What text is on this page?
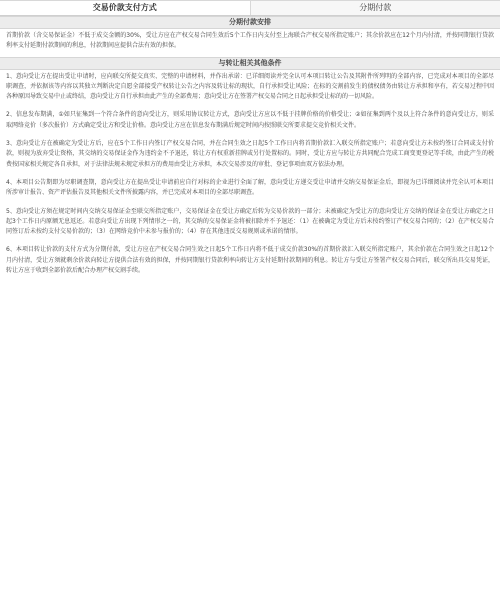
交易价款支付方式	分期付款
分期付款安排
首期价款（含交易保证金）不低于成交金额的30%，受让方应在产权交易合同生效后5个工作日内支付至上海联合产权交易所指定账户；其余价款应在12个月内付清，并按同期银行贷款利率支付延期付款期间的利息，付款期间应提供合法有效的担保。
与转让相关其他条件
1、意向受让方在提出受让申请时，应向联交所提交真实、完整的申请材料，并作出承诺：已详细阅读并完全认可本项目转让公告及其附件所列明的全部内容，已完成对本项目的全部尽职调查，并依据该等内容以其独立判断决定自愿全部接受产权转让公告之内容及转让标的现状，自行承担受让风险；在标的交割前发生的债权债务由转让方承担和享有，若交易过程中因各种原因导致交易中止或终结，意向受让方自行承担由此产生的全部费用；意向受让方在签署产权交易合同之日起承担受让标的的一切风险。
2、信息发布期满，①如只征集到一个符合条件的意向受让方，则采用协议转让方式，意向受让方应以不低于挂牌价格的价格受让；②如征集到两个及以上符合条件的意向受让方，则采取网络竞价（多次报价）方式确定受让方和受让价格。意向受让方应在信息发布期满后规定时间内按照联交所要求提交竞价相关文件。
3、意向受让方在被确定为受让方后，应在5个工作日内签订产权交易合同，并在合同生效之日起5个工作日内将首期价款汇入联交所指定账户；若意向受让方未按约签订合同或支付价款，则视为放弃受让资格，其交纳的交易保证金作为违约金不予退还，转让方有权重新挂牌或另行处置标的。同时，受让方应与转让方共同配合完成工商变更登记等手续，由此产生的税费按国家相关规定各自承担，对于法律法规未规定承担方的费用由受让方承担，本次交易涉及的审批、登记事项由双方依法办理。
4、本项目公告期即为尽职调查期，意向受让方在提出受让申请前应自行对标的企业进行全面了解，意向受让方递交受让申请并交纳交易保证金后，即视为已详细阅读并完全认可本项目所涉审计报告、资产评估报告及其他相关文件所披露内容，并已完成对本项目的全部尽职调查。
5、意向受让方须在规定时间内交纳交易保证金至联交所指定账户，交易保证金在受让方确定后转为交易价款的一部分；未被确定为受让方的意向受让方交纳的保证金在受让方确定之日起3个工作日内原额无息返还。若意向受让方出现下列情形之一的，其交纳的交易保证金将被扣除并不予退还：（1）在被确定为受让方后未按约签订产权交易合同的；（2）在产权交易合同签订后未按约支付交易价款的；（3）在网络竞价中未参与报价的；（4）存在其他违反交易规则或承诺的情形。
6、本项目转让价款的支付方式为分期付款，受让方应在产权交易合同生效之日起5个工作日内将不低于成交价款30%的首期价款汇入联交所指定账户，其余价款在合同生效之日起12个月内付清，受让方须就剩余价款向转让方提供合法有效的担保，并按同期银行贷款利率向转让方支付延期付款期间的利息。转让方与受让方签署产权交易合同后，联交所出具交易凭证，转让方应于收到全部价款后配合办理产权交割手续。
